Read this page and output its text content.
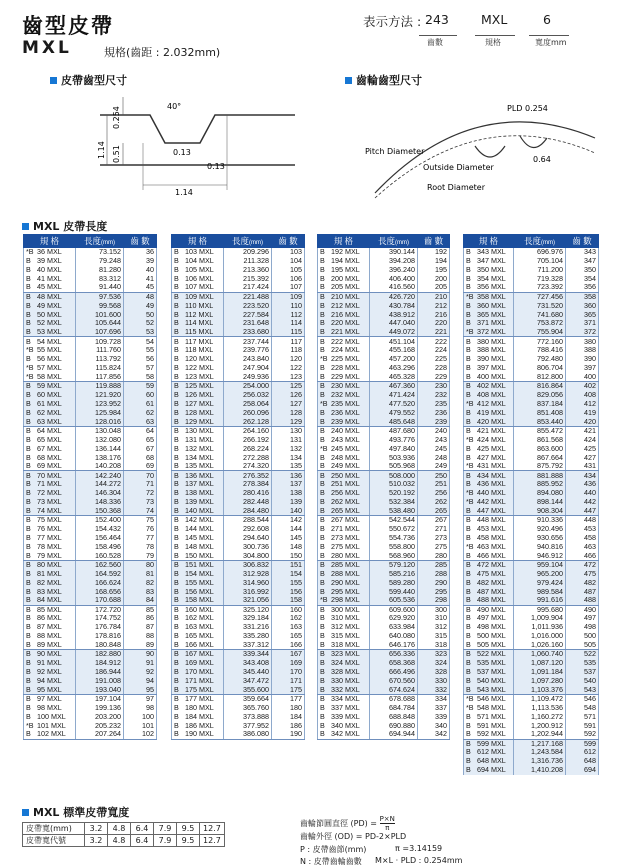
齒型皮帶
MXL	規格(齒距 : 2.032mm)
表示方法 : 243
齒數
MXL
規格
6
寬度mm
皮帶齒型尺寸	齒輪齒型尺寸
40°
0.254
1.14 0.51	0.13
0.13
1.14
PLD 0.254
Pitch Diameter
Outside Diameter
Root Diameter
0.64
MXL 皮帶長度
規 格	長度(mm)	齒 數
*B 36 MXL	73.152	36
B 39 MXL	79.248	39
B 40 MXL	81.280	40
B 41 MXL	83.312	41
B 45 MXL	91.440	45
B 48 MXL	97.536	48
B 49 MXL	99.568	49
B 50 MXL	101.600	50
B 52 MXL	105.644	52
B 53 MXL	107.696	53
B 54 MXL	109.728	54
*B 55 MXL	111.760	55
B 56 MXL	113.792	56
*B 57 MXL	115.824	57
*B 58 MXL	117.856	58
B 59 MXL	119.888	59
B 60 MXL	121.920	60
B 61 MXL	123.952	61
B 62 MXL	125.984	62
B 63 MXL	128.016	63
B 64 MXL	130.048	64
B 65 MXL	132.080	65
B 67 MXL	136.144	67
B 68 MXL	138.176	68
B 69 MXL	140.208	69
B 70 MXL	142.240	70
B 71 MXL	144.272	71
B 72 MXL	146.304	72
B 73 MXL	148.336	73
B 74 MXL	150.368	74
B 75 MXL	152.400	75
B 76 MXL	154.432	76
B 77 MXL	156.464	77
B 78 MXL	158.496	78
B 79 MXL	160.528	79
B 80 MXL	162.560	80
B 81 MXL	164.592	81
B 82 MXL	166.624	82
B 83 MXL	168.656	83
B 84 MXL	170.688	84
B 85 MXL	172.720	85
B 86 MXL	174.752	86
B 87 MXL	176.784	87
B 88 MXL	178.816	88
B 89 MXL	180.848	89
B 90 MXL	182.880	90
B 91 MXL	184.912	91
B 92 MXL	186.944	92
B 94 MXL	191.008	94
B 95 MXL	193.040	95
B 97 MXL	197.104	97
B 98 MXL	199.136	98
B 100 MXL	203.200	100
*B 101 MXL	205.232	101
B 102 MXL	207.264	102
規 格	長度(mm)	齒 數
B 103 MXL	209.296	103
B 104 MXL	211.328	104
B 105 MXL	213.360	105
B 106 MXL	215.392	106
B 107 MXL	217.424	107
B 109 MXL	221.488	109
B 110 MXL	223.520	110
B 112 MXL	227.584	112
B 114 MXL	231.648	114
B 115 MXL	233.680	115
B 117 MXL	237.744	117
B 118 MXL	239.776	118
B 120 MXL	243.840	120
B 122 MXL	247.904	122
B 123 MXL	249.936	123
B 125 MXL	254.000	125
B 126 MXL	256.032	126
B 127 MXL	258.064	127
B 128 MXL	260.096	128
B 129 MXL	262.128	129
B 130 MXL	264.160	130
B 131 MXL	266.192	131
B 132 MXL	268.224	132
B 134 MXL	272.288	134
B 135 MXL	274.320	135
B 136 MXL	276.352	136
B 137 MXL	278.384	137
B 138 MXL	280.416	138
B 139 MXL	282.448	139
B 140 MXL	284.480	140
B 142 MXL	288.544	142
B 144 MXL	292.608	144
B 145 MXL	294.640	145
B 148 MXL	300.736	148
B 150 MXL	304.800	150
B 151 MXL	306.832	151
B 154 MXL	312.928	154
B 155 MXL	314.960	155
B 156 MXL	316.992	156
B 158 MXL	321.056	158
B 160 MXL	325.120	160
B 162 MXL	329.184	162
B 163 MXL	331.216	163
B 165 MXL	335.280	165
B 166 MXL	337.312	166
B 167 MXL	339.344	167
B 169 MXL	343.408	169
B 170 MXL	345.440	170
B 171 MXL	347.472	171
B 175 MXL	355.600	175
B 177 MXL	359.664	177
B 180 MXL	365.760	180
B 184 MXL	373.888	184
B 186 MXL	377.952	186
B 190 MXL	386.080	190
規 格	長度(mm)	齒 數
B 192 MXL	390.144	192
B 194 MXL	394.208	194
B 195 MXL	396.240	195
B 200 MXL	406.400	200
B 205 MXL	416.560	205
B 210 MXL	426.720	210
B 212 MXL	430.784	212
B 216 MXL	438.912	216
B 220 MXL	447.040	220
B 221 MXL	449.072	221
B 222 MXL	451.104	222
B 224 MXL	455.168	224
*B 225 MXL	457.200	225
B 228 MXL	463.296	228
B 229 MXL	465.328	229
B 230 MXL	467.360	230
B 232 MXL	471.424	232
*B 235 MXL	477.520	235
B 236 MXL	479.552	236
B 239 MXL	485.648	239
B 240 MXL	487.680	240
B 243 MXL	493.776	243
*B 245 MXL	497.840	245
B 248 MXL	503.936	248
B 249 MXL	505.968	249
B 250 MXL	508.000	250
B 251 MXL	510.032	251
B 256 MXL	520.192	256
B 262 MXL	532.384	262
B 265 MXL	538.480	265
B 267 MXL	542.544	267
B 271 MXL	550.672	271
B 273 MXL	554.736	273
B 275 MXL	558.800	275
B 280 MXL	568.960	280
B 285 MXL	579.120	285
B 288 MXL	585.216	288
B 290 MXL	589.280	290
B 295 MXL	599.440	295
*B 298 MXL	605.536	298
B 300 MXL	609.600	300
B 310 MXL	629.920	310
B 312 MXL	633.984	312
B 315 MXL	640.080	315
B 318 MXL	646.176	318
B 323 MXL	656.336	323
B 324 MXL	658.368	324
B 328 MXL	666.496	328
B 330 MXL	670.560	330
B 332 MXL	674.624	332
B 334 MXL	678.688	334
B 337 MXL	684.784	337
B 339 MXL	688.848	339
B 340 MXL	690.880	340
B 342 MXL	694.944	342
規 格	長度(mm)	齒 數
B 343 MXL	696.976	343
B 347 MXL	705.104	347
B 350 MXL	711.200	350
B 354 MXL	719.328	354
B 356 MXL	723.392	356
*B 358 MXL	727.456	358
B 360 MXL	731.520	360
B 365 MXL	741.680	365
B 371 MXL	753.872	371
*B 372 MXL	755.904	372
B 380 MXL	772.160	380
B 388 MXL	788.416	388
B 390 MXL	792.480	390
B 397 MXL	806.704	397
B 400 MXL	812.800	400
B 402 MXL	816.864	402
B 408 MXL	829.056	408
*B 412 MXL	837.184	412
B 419 MXL	851.408	419
B 420 MXL	853.440	420
B 421 MXL	855.472	421
*B 424 MXL	861.568	424
B 425 MXL	863.600	425
B 427 MXL	867.664	427
*B 431 MXL	875.792	431
B 434 MXL	881.888	434
B 436 MXL	885.952	436
*B 440 MXL	894.080	440
*B 442 MXL	898.144	442
B 447 MXL	908.304	447
B 448 MXL	910.336	448
B 453 MXL	920.496	453
B 458 MXL	930.656	458
*B 463 MXL	940.816	463
B 466 MXL	946.912	466
B 472 MXL	959.104	472
B 475 MXL	965.200	475
B 482 MXL	979.424	482
B 487 MXL	989.584	487
B 488 MXL	991.616	488
B 490 MXL	995.680	490
B 497 MXL	1,009.904	497
B 498 MXL	1,011.936	498
B 500 MXL	1,016.000	500
B 505 MXL	1,026.160	505
B 522 MXL	1,060.740	522
B 535 MXL	1,087.120	535
B 537 MXL	1,091.184	537
B 540 MXL	1,097.280	540
B 543 MXL	1,103.376	543
*B 546 MXL	1,109.472	546
*B 548 MXL	1,113.536	548
B 571 MXL	1,160.272	571
B 591 MXL	1,200.912	591
B 592 MXL	1,202.944	592
B 599 MXL	1,217.168	599
B 612 MXL	1,243.584	612
B 648 MXL	1,316.736	648
B 694 MXL	1,410.208	694
MXL 標準皮帶寬度
皮帶寬(mm)	3.2	4.8	6.4	7.9	9.5	12.7
皮帶寬代號	3.2	4.8	6.4	7.9	9.5	12.7
齒輪節圓直徑 $(PD) = \frac{P\times N}{\pi}$
齒輪外徑 (OD) = PD-2×PLD
P : 皮帶齒節(mm)	π =3.14159
N : 皮帶齒輪齒數 M×L · PLD : 0.254mm
